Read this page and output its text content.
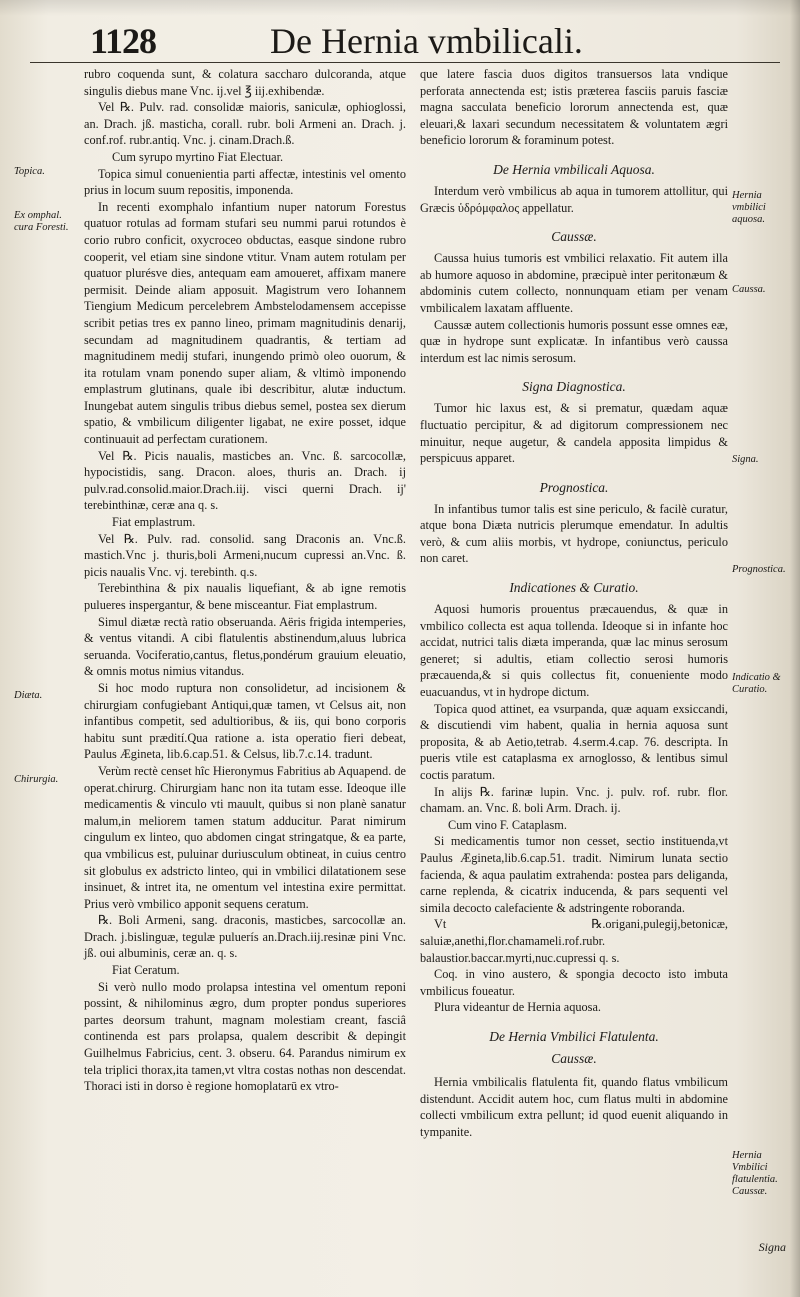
1128	De Hernia vmbilicali.
Topica.
Ex omphal. cura Foresti.
Diæta.
Chirurgia.

rubro coquenda sunt, & colatura saccharo dulcoranda, atque singulis diebus mane Vnc. ij.vel ℥ iij.exhibendæ.

Vel ℞. Pulv. rad. consolidæ maioris, saniculæ, ophioglossi, an. Drach. jß. masticha, corall. rubr. boli Armeni an. Drach. j. conf.rof. rubr.antiq. Vnc. j. cinam.Drach.ß.

Cum syrupo myrtino Fiat Electuar.

Topica simul conuenientia parti affectæ, intestinis vel omento prius in locum suum repositis, imponenda.

In recenti exomphalo infantium nuper natorum Forestus quatuor rotulas ad formam stufari seu nummi parui rotundos è corio rubro conficit, oxycroceo obductas, easque sindone rubro cooperit, vel etiam sine sindone vtitur. Vnam autem rotulam per quatuor plurésve dies, antequam eam amoueret, affixam manere permisit. Deinde aliam apposuit. Magistrum vero Iohannem Tiengium Medicum percelebrem Ambstelodamensem accepisse scribit petias tres ex panno lineo, primam magnitudinis denarij, secundam ad magnitudinem quadrantis, & tertiam ad magnitudinem medij stufari, inungendo primò oleo ouorum, & ita rotulam vnam ponendo super aliam, & vltimò imponendo emplastrum glutinans, quale ibi describitur, alutæ inductum. Inungebat autem singulis tribus diebus semel, postea sex dierum spatio, & vmbilicum diligenter ligabat, ne exire posset, idque continuauit ad perfectam curationem.

Vel ℞. Picis naualis, masticbes an. Vnc. ß. sarcocollæ, hypocistidis, sang. Dracon. aloes, thuris an. Drach. ij pulv.rad.consolid.maior.Drach.iij. visci querni Drach. ij' terebinthinæ, ceræ ana q. s.

Fiat emplastrum.

Vel ℞. Pulv. rad. consolid. sang Draconis an. Vnc.ß. mastich.Vnc j. thuris,boli Armeni,nucum cupressi an.Vnc. ß. picis naualis Vnc. vj. terebinth. q.s.

Terebinthina & pix naualis liquefiant, & ab igne remotis pulueres inspergantur, & bene misceantur. Fiat emplastrum.

Simul diætæ rectà ratio obseruanda. Aëris frigida intemperies, & ventus vitandi. A cibi flatulentis abstinendum,aluus lubrica seruanda. Vociferatio,cantus, fletus,pondérum grauium eleuatio, & omnis motus nimius vitandus.

Si hoc modo ruptura non consolidetur, ad incisionem & chirurgiam confugiebant Antiqui,quæ tamen, vt Celsus ait, non infantibus competit, sed adultioribus, & iis, qui bono corporis habitu sunt prædití.Qua ratione a. ista operatio fieri debeat, Paulus Ægineta, lib.6.cap.51. & Celsus, lib.7.c.14. tradunt.

Verùm rectè censet hîc Hieronymus Fabritius ab Aquapend. de operat.chirurg. Chirurgiam hanc non ita tutam esse. Ideoque ille medicamentis & vinculo vti mauult, quibus si non planè sanatur malum,in meliorem tamen statum adducitur. Parat nimirum cingulum ex linteo, quo abdomen cingat stringatque, & ea parte, qua vmbilicus est, puluinar duriusculum obtineat, in cuius centro sit globulus ex adstricto linteo, qui in vmbilici dilatationem sese insinuet, & intret ita, ne omentum vel intestina exire permittat. Prius verò vmbilico apponit sequens ceratum.

℞. Boli Armeni, sang. draconis, masticbes, sarcocollæ an. Drach. j.bislinguæ, tegulæ puluerís an.Drach.iij.resinæ pini Vnc. jß. oui albuminis, ceræ an. q. s.

Fiat Ceratum.

Si verò nullo modo prolapsa intestina vel omentum reponi possint, & nihilominus ægro, dum propter pondus superiores partes deorsum trahunt, magnam molestiam creant, fasciâ continenda est pars prolapsa, qualem describit & depingit Guilhelmus Fabricius, cent. 3. obseru. 64. Parandus nimirum ex tela triplici thorax,ita tamen,vt vltra costas nothas non descendat. Thoraci isti in dorso è regione homoplatarū ex vtro-

que latere fascia duos digitos transuersos lata vndique perforata annectenda est; istis præterea fasciis paruis fasciæ magna sacculata beneficio lororum annectenda est, quæ eleuari,& laxari secundum necessitatem & voluntatem ægri beneficio lororum & foraminum potest.

De Hernia vmbilicali Aquosa.

Interdum verò vmbilicus ab aqua in tumorem attollitur, qui Græcis ὑδρόμφαλος appellatur.

Caussæ.

Caussa huius tumoris est vmbilici relaxatio. Fit autem illa ab humore aquoso in abdomine, præcipuè inter peritonæum & abdominis cutem collecto, nonnunquam etiam per venam vmbilicalem laxatam affluente.

Caussæ autem collectionis humoris possunt esse omnes eæ, quæ in hydrope sunt explicatæ. In infantibus verò caussa interdum est lac nimis serosum.

Signa Diagnostica.

Tumor hic laxus est, & si prematur, quædam aquæ fluctuatio percipitur, & ad digitorum compressionem nec minuitur, neque augetur, & candela apposita limpidus & perspicuus apparet.

Prognostica.

In infantibus tumor talis est sine periculo, & facilè curatur, atque bona Diæta nutricis plerumque emendatur. In adultis verò, & cum aliis morbis, vt hydrope, coniunctus, periculo non caret.

Indicationes & Curatio.

Aquosi humoris prouentus præcauendus, & quæ in vmbilico collecta est aqua tollenda. Ideoque si in infante hoc accidat, nutrici talis diæta imperanda, quæ lac minus serosum generet; si adultis, etiam collectio serosi humoris præcauenda,& si quis collectus fit, conueniente modo euacuandus, vt in hydrope dictum.

Topica quod attinet, ea vsurpanda, quæ aquam exsiccandi, & discutiendi vim habent, qualia in hernia aquosa sunt proposita, & ab Aetio,tetrab. 4.serm.4.cap. 76. descripta. In pueris vtile est cataplasma ex arnoglosso, & lentibus simul coctis paratum.

In alijs ℞. farinæ lupin. Vnc. j. pulv. rof. rubr. flor. chamam. an. Vnc. ß. boli Arm. Drach. ij.

Cum vino F. Cataplasm.

Si medicamentis tumor non cesset, sectio instituenda,vt Paulus Ægineta,lib.6.cap.51. tradit. Nimirum lunata sectio facienda, & aqua paulatim extrahenda: postea pars deliganda, carne replenda, & cicatrix inducenda, & pars sequenti vel simila decocto calefaciente & adstringente roboranda.

Vt ℞.origani,pulegij,betonicæ, saluiæ,anethi,flor.chamameli.rof.rubr. balaustior.baccar.myrti,nuc.cupressi q. s.

Coq. in vino austero, & spongia decocto isto imbuta vmbilicus foueatur.

Plura videantur de Hernia aquosa.

De Hernia Vmbilici Flatulenta.
Caussæ.

Hernia vmbilicalis flatulenta fit, quando flatus vmbilicum distendunt. Accidit autem hoc, cum flatus multi in abdomine collecti vmbilicum extra pellunt; id quod euenit aliquando in tympanite.

Hernia vmbilici aquosa.
Caussa.
Signa.
Prognostica.
Indicatio & Curatio.
Hernia Vmbilici flatulentia. Caussæ.
Signa
